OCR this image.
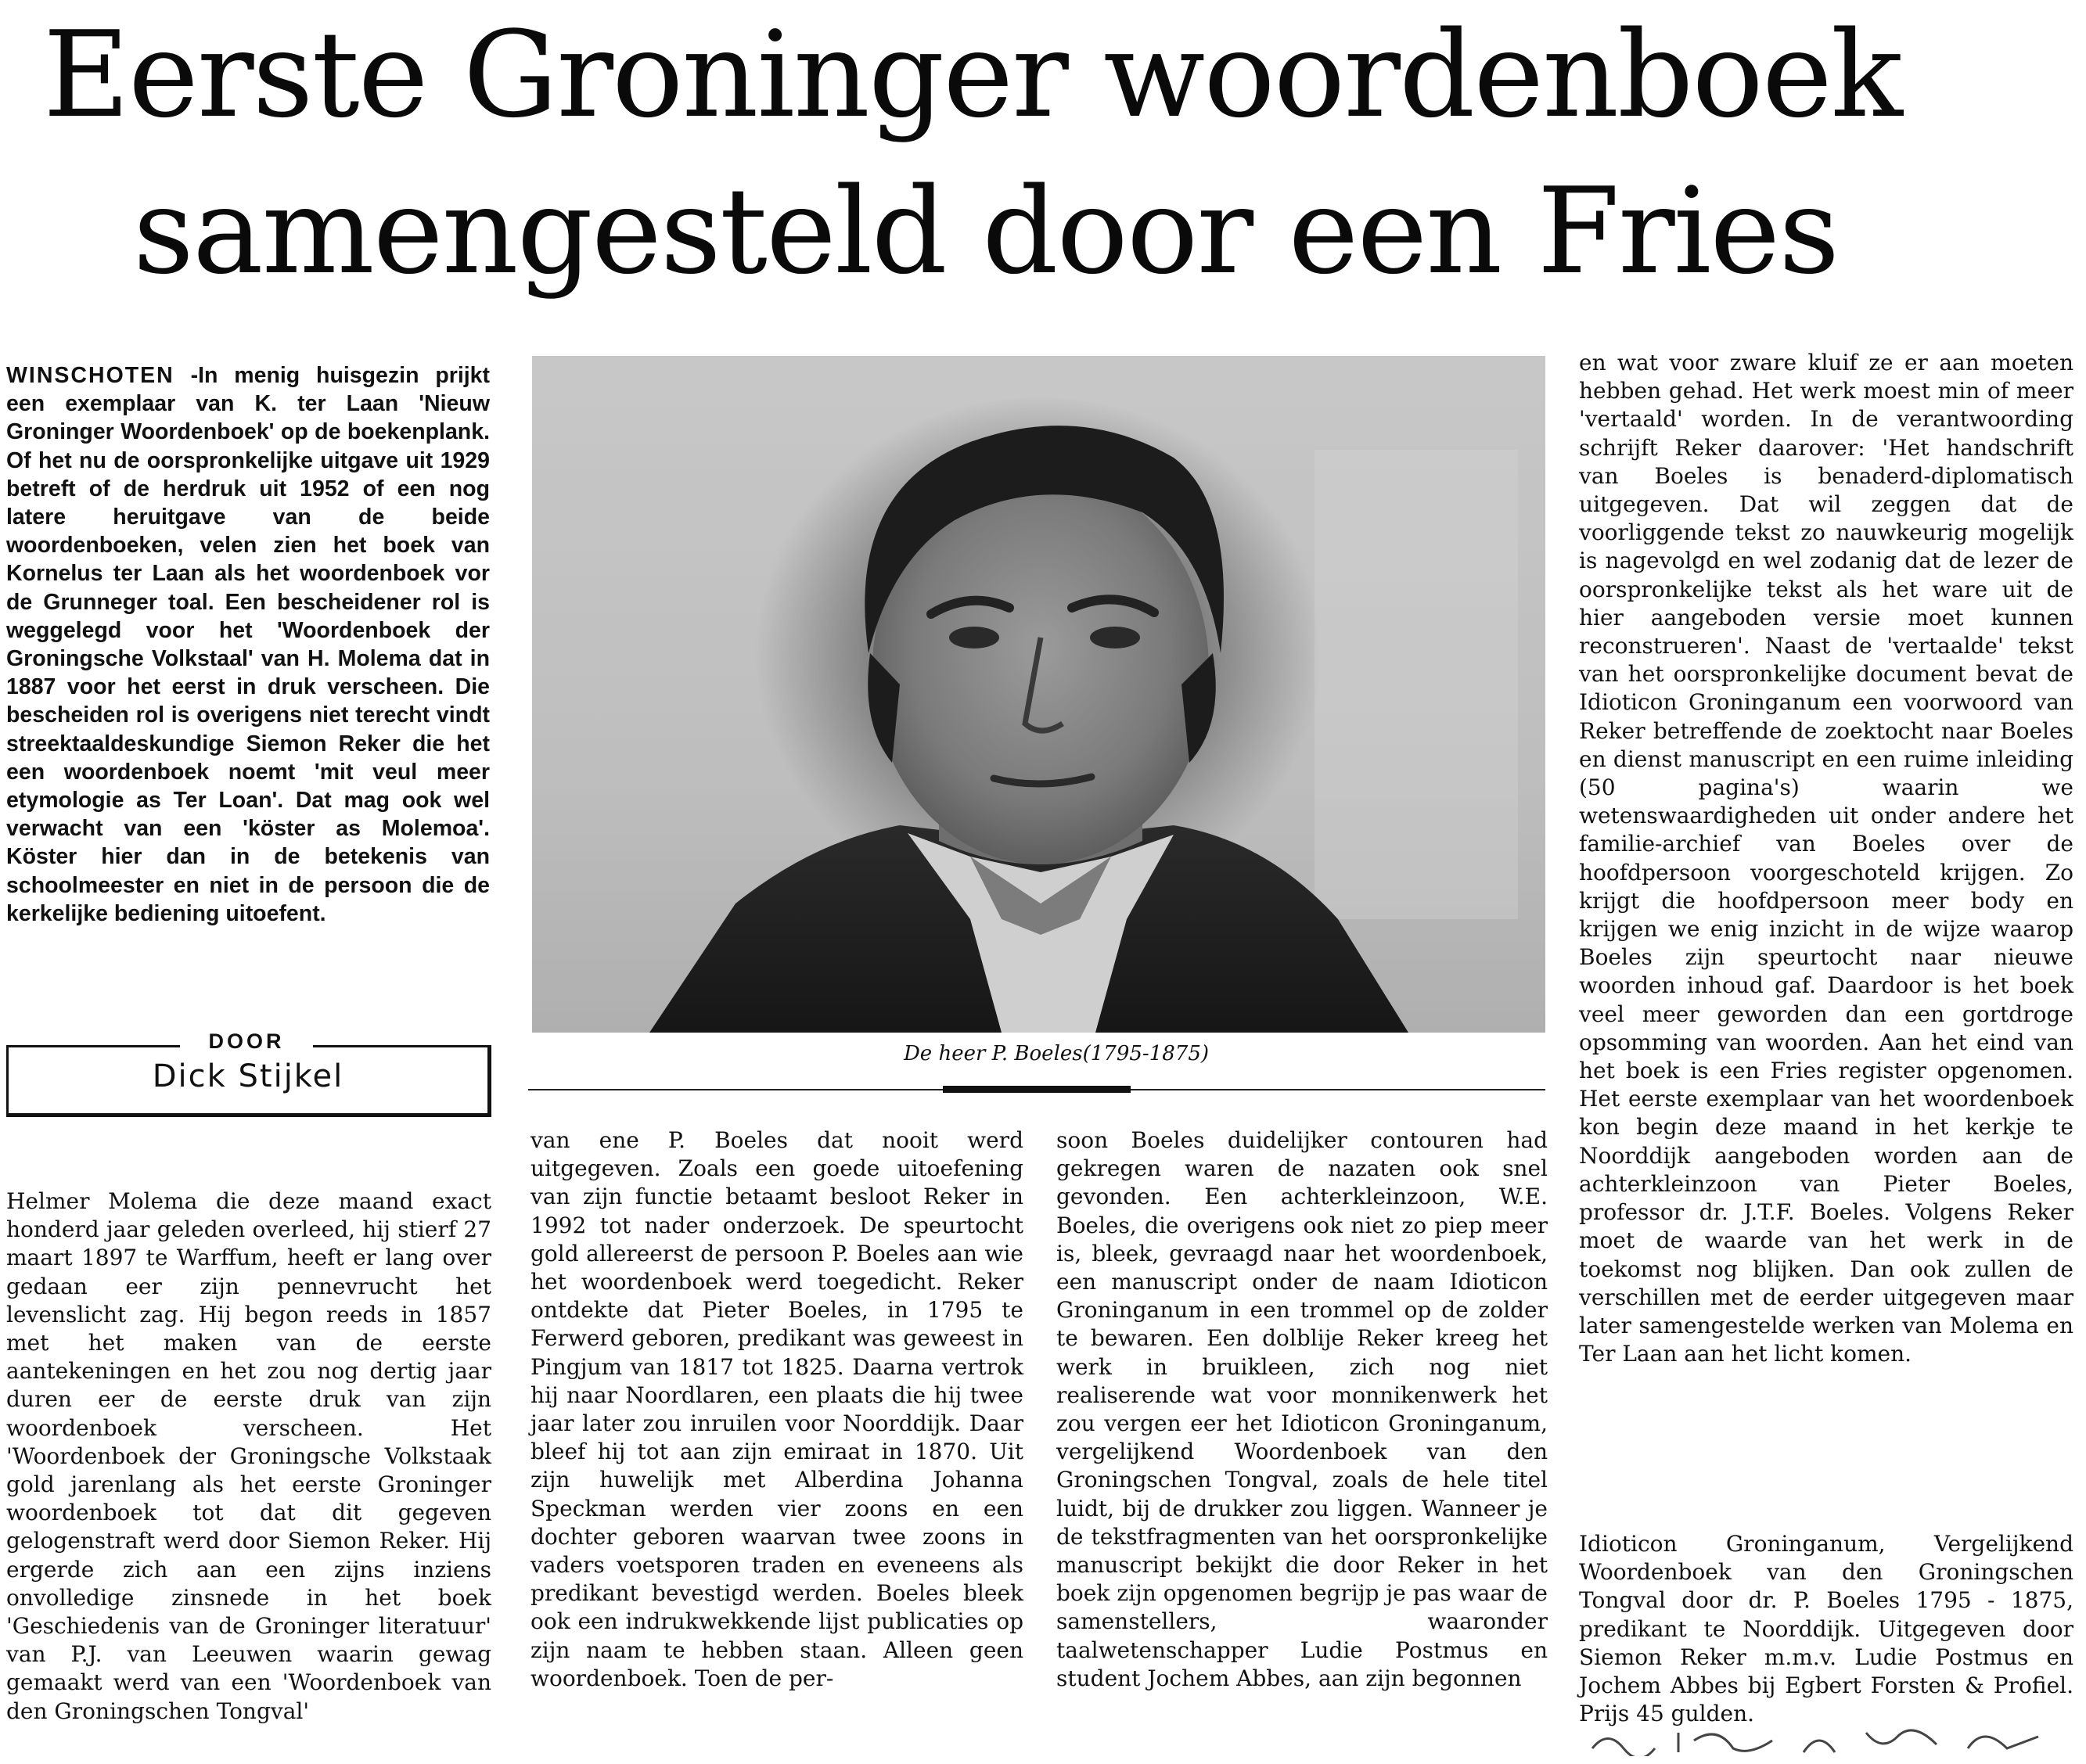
Eerste Groninger woordenboek
samengesteld door een Fries

WINSCHOTEN -In menig huisgezin prijkt een exemplaar van K. ter Laan 'Nieuw Groninger Woordenboek' op de boekenplank. Of het nu de oorspronkelijke uitgave uit 1929 betreft of de herdruk uit 1952 of een nog latere heruitgave van de beide woordenboeken, velen zien het boek van Kornelus ter Laan als het woordenboek vor de Grunneger toal. Een bescheidener rol is weggelegd voor het 'Woordenboek der Groningsche Volkstaal' van H. Molema dat in 1887 voor het eerst in druk verscheen. Die bescheiden rol is overigens niet terecht vindt streektaaldeskundige Siemon Reker die het een woordenboek noemt 'mit veul meer etymologie as Ter Loan'. Dat mag ook wel verwacht van een 'köster as Molemoa'. Köster hier dan in de betekenis van schoolmeester en niet in de persoon die de kerkelijke bediening uitoefent.

DOOR
Dick Stijkel
De heer P. Boeles(1795-1875)

Helmer Molema die deze maand exact honderd jaar geleden overleed, hij stierf 27 maart 1897 te Warffum, heeft er lang over gedaan eer zijn pennevrucht het levenslicht zag. Hij begon reeds in 1857 met het maken van de eerste aantekeningen en het zou nog dertig jaar duren eer de eerste druk van zijn woordenboek verscheen. Het 'Woordenboek der Groningsche Volkstaak gold jarenlang als het eerste Groninger woordenboek tot dat dit gegeven gelogenstraft werd door Siemon Reker. Hij ergerde zich aan een zijns inziens onvolledige zinsnede in het boek 'Geschiedenis van de Groninger literatuur' van P.J. van Leeuwen waarin gewag gemaakt werd van een 'Woordenboek van den Groningschen Tongval'

van ene P. Boeles dat nooit werd uitgegeven. Zoals een goede uitoefening van zijn functie betaamt besloot Reker in 1992 tot nader onderzoek. De speurtocht gold allereerst de persoon P. Boeles aan wie het woordenboek werd toegedicht. Reker ontdekte dat Pieter Boeles, in 1795 te Ferwerd geboren, predikant was geweest in Pingjum van 1817 tot 1825. Daarna vertrok hij naar Noordlaren, een plaats die hij twee jaar later zou inruilen voor Noorddijk. Daar bleef hij tot aan zijn emiraat in 1870. Uit zijn huwelijk met Alberdina Johanna Speckman werden vier zoons en een dochter geboren waarvan twee zoons in vaders voetsporen traden en eveneens als predikant bevestigd werden. Boeles bleek ook een indrukwekkende lijst publicaties op zijn naam te hebben staan. Alleen geen woordenboek. Toen de per-

soon Boeles duidelijker contouren had gekregen waren de nazaten ook snel gevonden. Een achterkleinzoon, W.E. Boeles, die overigens ook niet zo piep meer is, bleek, gevraagd naar het woordenboek, een manuscript onder de naam Idioticon Groninganum in een trommel op de zolder te bewaren. Een dolblije Reker kreeg het werk in bruikleen, zich nog niet realiserende wat voor monnikenwerk het zou vergen eer het Idioticon Groninganum, vergelijkend Woordenboek van den Groningschen Tongval, zoals de hele titel luidt, bij de drukker zou liggen. Wanneer je de tekstfragmenten van het oorspronkelijke manuscript bekijkt die door Reker in het boek zijn opgenomen begrijp je pas waar de samenstellers, waaronder taalwetenschapper Ludie Postmus en student Jochem Abbes, aan zijn begonnen

en wat voor zware kluif ze er aan moeten hebben gehad. Het werk moest min of meer 'vertaald' worden. In de verantwoording schrijft Reker daarover: 'Het handschrift van Boeles is benaderd-diplomatisch uitgegeven. Dat wil zeggen dat de voorliggende tekst zo nauwkeurig mogelijk is nagevolgd en wel zodanig dat de lezer de oorspronkelijke tekst als het ware uit de hier aangeboden versie moet kunnen reconstrueren'. Naast de 'vertaalde' tekst van het oorspronkelijke document bevat de Idioticon Groninganum een voorwoord van Reker betreffende de zoektocht naar Boeles en dienst manuscript en een ruime inleiding (50 pagina's) waarin we wetenswaardigheden uit onder andere het familie-archief van Boeles over de hoofdpersoon voorgeschoteld krijgen. Zo krijgt die hoofdpersoon meer body en krijgen we enig inzicht in de wijze waarop Boeles zijn speurtocht naar nieuwe woorden inhoud gaf. Daardoor is het boek veel meer geworden dan een gortdroge opsomming van woorden. Aan het eind van het boek is een Fries register opgenomen. Het eerste exemplaar van het woordenboek kon begin deze maand in het kerkje te Noorddijk aangeboden worden aan de achterkleinzoon van Pieter Boeles, professor dr. J.T.F. Boeles. Volgens Reker moet de waarde van het werk in de toekomst nog blijken. Dan ook zullen de verschillen met de eerder uitgegeven maar later samengestelde werken van Molema en Ter Laan aan het licht komen.

Idioticon Groninganum, Vergelijkend Woordenboek van den Groningschen Tongval door dr. P. Boeles 1795 - 1875, predikant te Noorddijk. Uitgegeven door Siemon Reker m.m.v. Ludie Postmus en Jochem Abbes bij Egbert Forsten & Profiel. Prijs 45 gulden.
